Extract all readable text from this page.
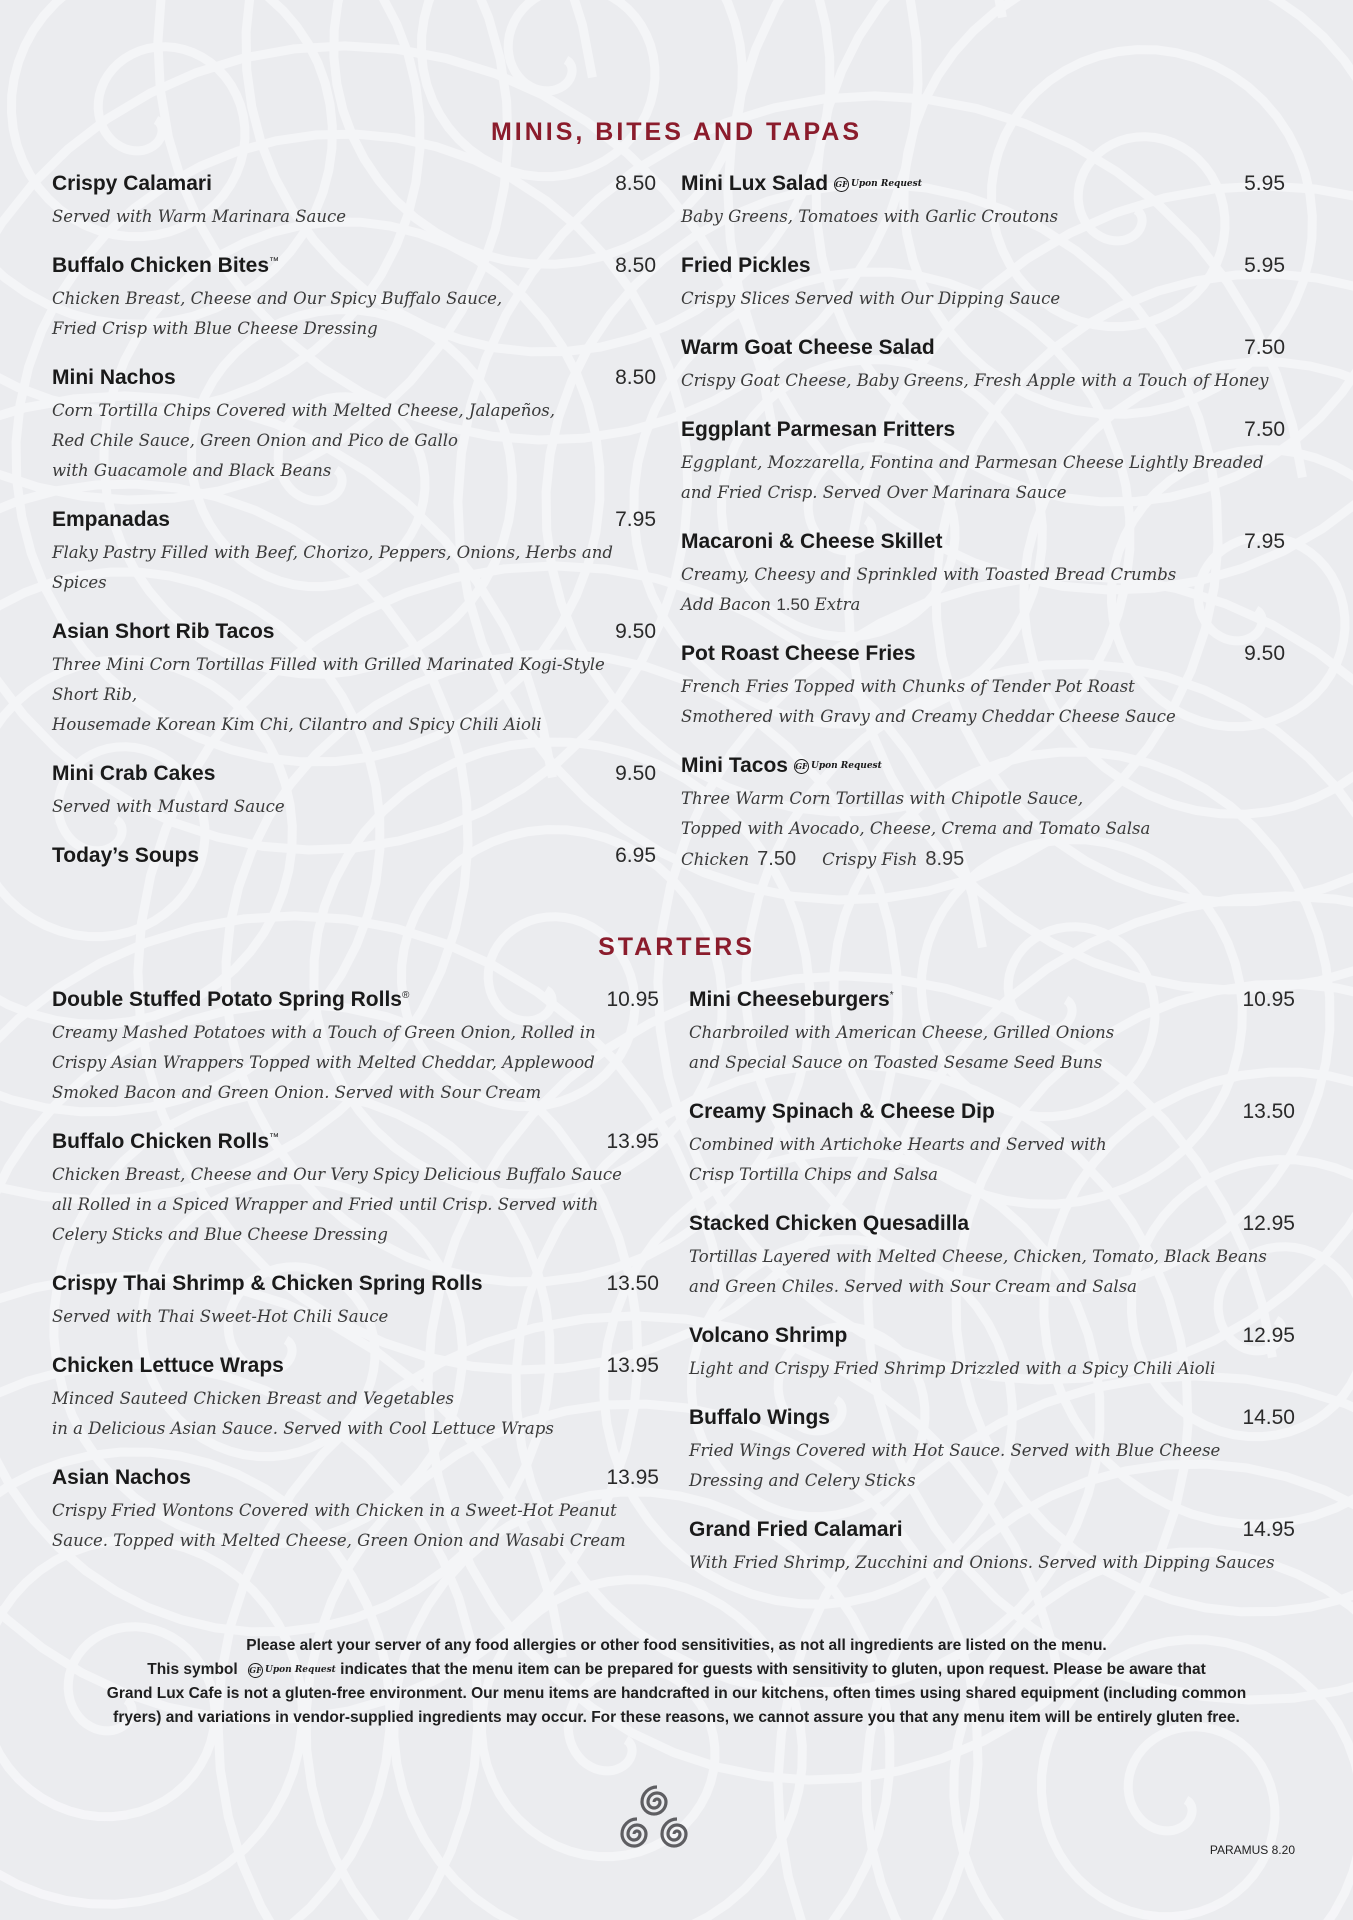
MINIS, BITES AND TAPAS
Crispy Calamari	8.50
Served with Warm Marinara Sauce
Buffalo Chicken Bites™	8.50
Chicken Breast, Cheese and Our Spicy Buffalo Sauce,
Fried Crisp with Blue Cheese Dressing
Mini Nachos	8.50
Corn Tortilla Chips Covered with Melted Cheese, Jalapeños,
Red Chile Sauce, Green Onion and Pico de Gallo
with Guacamole and Black Beans
Empanadas	7.95
Flaky Pastry Filled with Beef, Chorizo, Peppers, Onions, Herbs and Spices
Asian Short Rib Tacos	9.50
Three Mini Corn Tortillas Filled with Grilled Marinated Kogi-Style Short Rib,
Housemade Korean Kim Chi, Cilantro and Spicy Chili Aioli
Mini Crab Cakes	9.50
Served with Mustard Sauce
Today’s Soups	6.95
Mini Lux Salad GF Upon Request	5.95
Baby Greens, Tomatoes with Garlic Croutons
Fried Pickles	5.95
Crispy Slices Served with Our Dipping Sauce
Warm Goat Cheese Salad	7.50
Crispy Goat Cheese, Baby Greens, Fresh Apple with a Touch of Honey
Eggplant Parmesan Fritters	7.50
Eggplant, Mozzarella, Fontina and Parmesan Cheese Lightly Breaded
and Fried Crisp. Served Over Marinara Sauce
Macaroni & Cheese Skillet	7.95
Creamy, Cheesy and Sprinkled with Toasted Bread Crumbs
Add Bacon 1.50 Extra
Pot Roast Cheese Fries	9.50
French Fries Topped with Chunks of Tender Pot Roast
Smothered with Gravy and Creamy Cheddar Cheese Sauce
Mini Tacos GF Upon Request
Three Warm Corn Tortillas with Chipotle Sauce,
Topped with Avocado, Cheese, Crema and Tomato Salsa
Chicken 7.50 Crispy Fish 8.95
STARTERS
Double Stuffed Potato Spring Rolls®	10.95
Creamy Mashed Potatoes with a Touch of Green Onion, Rolled in
Crispy Asian Wrappers Topped with Melted Cheddar, Applewood
Smoked Bacon and Green Onion. Served with Sour Cream
Buffalo Chicken Rolls™	13.95
Chicken Breast, Cheese and Our Very Spicy Delicious Buffalo Sauce
all Rolled in a Spiced Wrapper and Fried until Crisp. Served with
Celery Sticks and Blue Cheese Dressing
Crispy Thai Shrimp & Chicken Spring Rolls	13.50
Served with Thai Sweet-Hot Chili Sauce
Chicken Lettuce Wraps	13.95
Minced Sauteed Chicken Breast and Vegetables
in a Delicious Asian Sauce. Served with Cool Lettuce Wraps
Asian Nachos	13.95
Crispy Fried Wontons Covered with Chicken in a Sweet-Hot Peanut
Sauce. Topped with Melted Cheese, Green Onion and Wasabi Cream
Mini Cheeseburgers*	10.95
Charbroiled with American Cheese, Grilled Onions
and Special Sauce on Toasted Sesame Seed Buns
Creamy Spinach & Cheese Dip	13.50
Combined with Artichoke Hearts and Served with
Crisp Tortilla Chips and Salsa
Stacked Chicken Quesadilla	12.95
Tortillas Layered with Melted Cheese, Chicken, Tomato, Black Beans
and Green Chiles. Served with Sour Cream and Salsa
Volcano Shrimp	12.95
Light and Crispy Fried Shrimp Drizzled with a Spicy Chili Aioli
Buffalo Wings	14.50
Fried Wings Covered with Hot Sauce. Served with Blue Cheese
Dressing and Celery Sticks
Grand Fried Calamari	14.95
With Fried Shrimp, Zucchini and Onions. Served with Dipping Sauces

Please alert your server of any food allergies or other food sensitivities, as not all ingredients are listed on the menu.

This symbol GF Upon Request indicates that the menu item can be prepared for guests with sensitivity to gluten, upon request. Please be aware that

Grand Lux Cafe is not a gluten-free environment. Our menu items are handcrafted in our kitchens, often times using shared equipment (including common

fryers) and variations in vendor-supplied ingredients may occur. For these reasons, we cannot assure you that any menu item will be entirely gluten free.

PARAMUS 8.20
